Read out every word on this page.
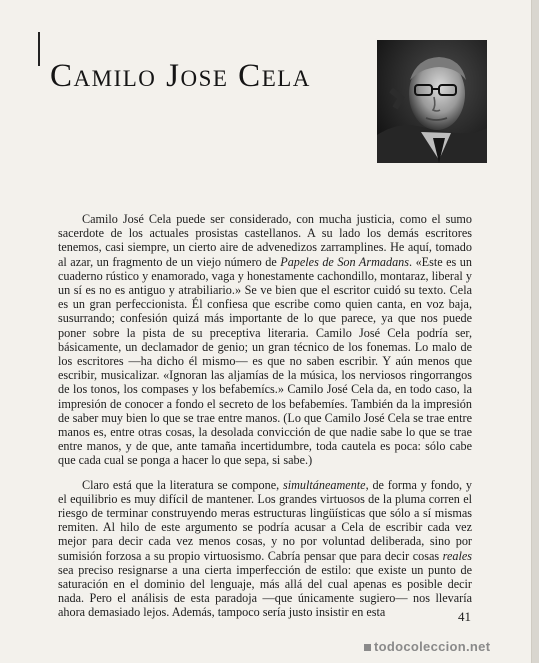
Camilo Jose Cela

Camilo José Cela puede ser considerado, con mucha justicia, como el sumo sacerdote de los actuales prosistas castellanos. A su lado los demás escritores tenemos, casi siempre, un cierto aire de advenedizos zarramplines. He aquí, tomado al azar, un fragmento de un viejo número de Papeles de Son Armadans. «Este es un cuaderno rústico y enamorado, vaga y honestamente cachondillo, montaraz, liberal y un sí es no es antiguo y atrabiliario.» Se ve bien que el escritor cuidó su texto. Cela es un gran perfeccionista. Él confiesa que escribe como quien canta, en voz baja, susurrando; confesión quizá más importante de lo que parece, ya que nos puede poner sobre la pista de su preceptiva literaria. Camilo José Cela podría ser, básicamente, un declamador de genio; un gran técnico de los fonemas. Lo malo de los escritores —ha dicho él mismo— es que no saben escribir. Y aún menos que escribir, musicalizar. «Ignoran las aljamías de la música, los nerviosos ringorrangos de los tonos, los compases y los befabemícs.» Camilo José Cela da, en todo caso, la impresión de conocer a fondo el secreto de los befabemíes. También da la impresión de saber muy bien lo que se trae entre manos. (Lo que Camilo José Cela se trae entre manos es, entre otras cosas, la desolada convicción de que nadie sabe lo que se trae entre manos, y de que, ante tamaña incertidumbre, toda cautela es poca: sólo cabe que cada cual se ponga a hacer lo que sepa, si sabe.)

Claro está que la literatura se compone, simultáneamente, de forma y fondo, y el equilibrio es muy difícil de mantener. Los grandes virtuosos de la pluma corren el riesgo de terminar construyendo meras estructuras lingüísticas que sólo a sí mismas remiten. Al hilo de este argumento se podría acusar a Cela de escribir cada vez mejor para decir cada vez menos cosas, y no por voluntad deliberada, sino por sumisión forzosa a su propio virtuosismo. Cabría pensar que para decir cosas reales sea preciso resignarse a una cierta imperfección de estilo: que existe un punto de saturación en el dominio del lenguaje, más allá del cual apenas es posible decir nada. Pero el análisis de esta paradoja —que únicamente sugiero— nos llevaría ahora demasiado lejos. Además, tampoco sería justo insistir en esta	41
todocoleccion.net
